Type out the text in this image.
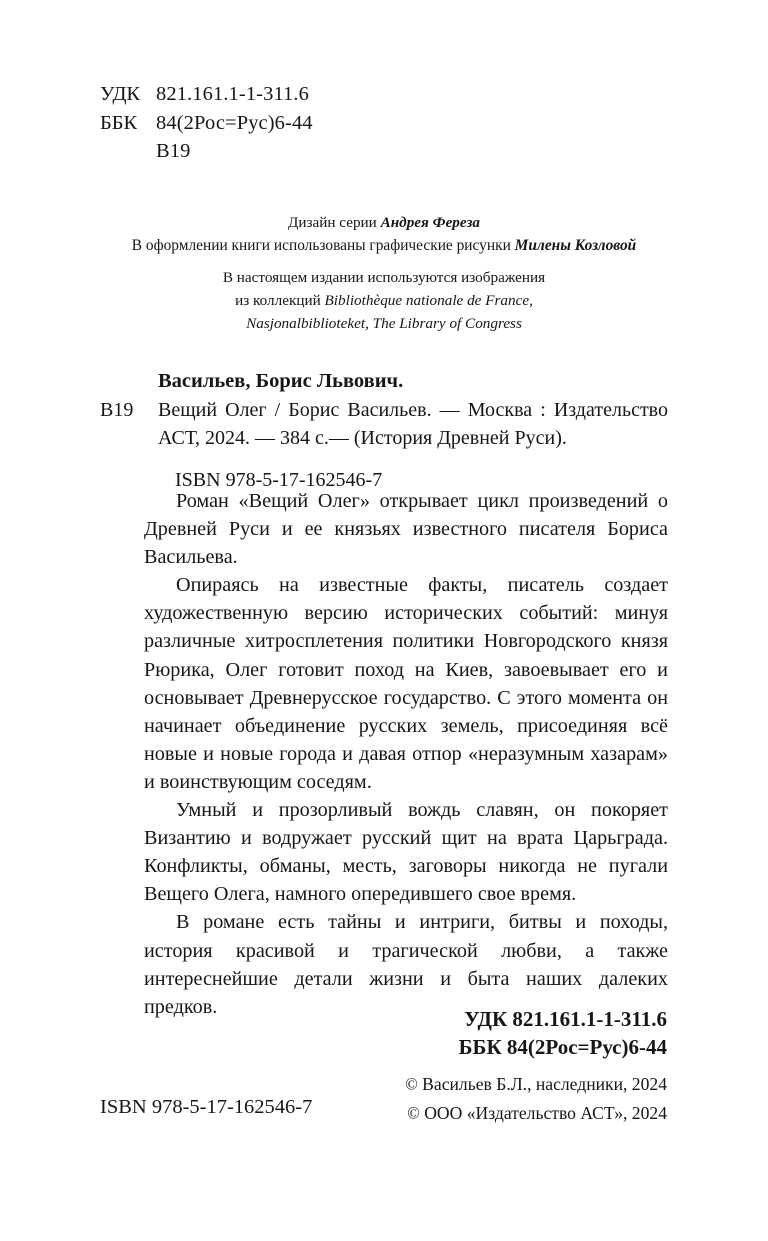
УДК 821.161.1-1-311.6
ББК 84(2Рос=Рус)6-44
В19
Дизайн серии Андрея Фереза
В оформлении книги использованы графические рисунки Милены Козловой
В настоящем издании используются изображения
из коллекций Bibliothèque nationale de France,
Nasjonalbiblioteket, The Library of Congress
Васильев, Борис Львович.
В19 Вещий Олег / Борис Васильев. — Москва : Издательство АСТ, 2024. — 384 с.— (История Древней Руси).
ISBN 978-5-17-162546-7

Роман «Вещий Олег» открывает цикл произведений о Древней Руси и ее князьях известного писателя Бориса Васильева.

Опираясь на известные факты, писатель создает художественную версию исторических событий: минуя различные хитросплетения политики Новгородского князя Рюрика, Олег готовит поход на Киев, завоевывает его и основывает Древнерусское государство. С этого момента он начинает объединение русских земель, присоединяя всё новые и новые города и давая отпор «неразумным хазарам» и воинствующим соседям.

Умный и прозорливый вождь славян, он покоряет Византию и водружает русский щит на врата Царьграда. Конфликты, обманы, месть, заговоры никогда не пугали Вещего Олега, намного опередившего свое время.

В романе есть тайны и интриги, битвы и походы, история красивой и трагической любви, а также интереснейшие детали жизни и быта наших далеких предков.

УДК 821.161.1-1-311.6
ББК 84(2Рос=Рус)6-44
© Васильев Б.Л., наследники, 2024
© ООО «Издательство АСТ», 2024
ISBN 978-5-17-162546-7
